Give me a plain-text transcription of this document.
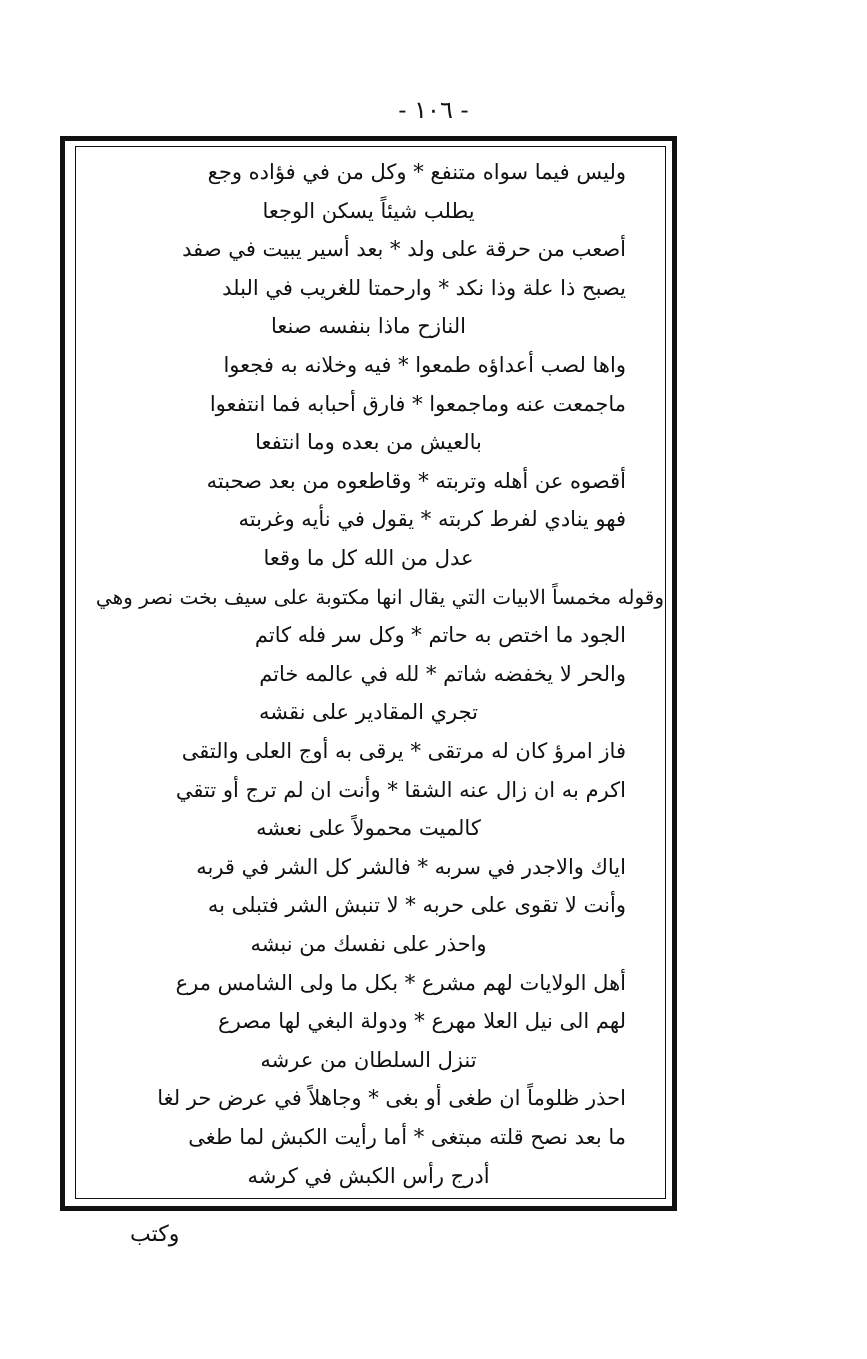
- ١٠٦ -
وليس فيما سواه متنفع * وكل من في فؤاده وجع
يطلب شيئاً يسكن الوجعا
أصعب من حرقة على ولد * بعد أسير يبيت في صفد
يصبح ذا علة وذا نكد * وارحمتا للغريب في البلد
النازح ماذا بنفسه صنعا
واها لصب أعداؤه طمعوا * فيه وخلانه به فجعوا
ماجمعت عنه وماجمعوا * فارق أحبابه فما انتفعوا
بالعيش من بعده وما انتفعا
أقصوه عن أهله وتربته * وقاطعوه من بعد صحبته
فهو ينادي لفرط كربته * يقول في نأيه وغربته
عدل من الله كل ما وقعا
وقوله مخمساً الابيات التي يقال انها مكتوبة على سيف بخت نصر وهي
الجود ما اختص به حاتم * وكل سر فله كاتم
والحر لا يخفضه شاتم * لله في عالمه خاتم
تجري المقادير على نقشه
فاز امرؤ كان له مرتقى * يرقى به أوج العلى والتقى
اكرم به ان زال عنه الشقا * وأنت ان لم ترج أو تتقي
كالميت محمولاً على نعشه
اياك والاجدر في سربه * فالشر كل الشر في قربه
وأنت لا تقوى على حربه * لا تنبش الشر فتبلى به
واحذر على نفسك من نبشه
أهل الولايات لهم مشرع * بكل ما ولى الشامس مرع
لهم الى نيل العلا مهرع * ودولة البغي لها مصرع
تنزل السلطان من عرشه
احذر ظلوماً ان طغى أو بغى * وجاهلاً في عرض حر لغا
ما بعد نصح قلته مبتغى * أما رأيت الكبش لما طغى
أدرج رأس الكبش في كرشه
وكتب
